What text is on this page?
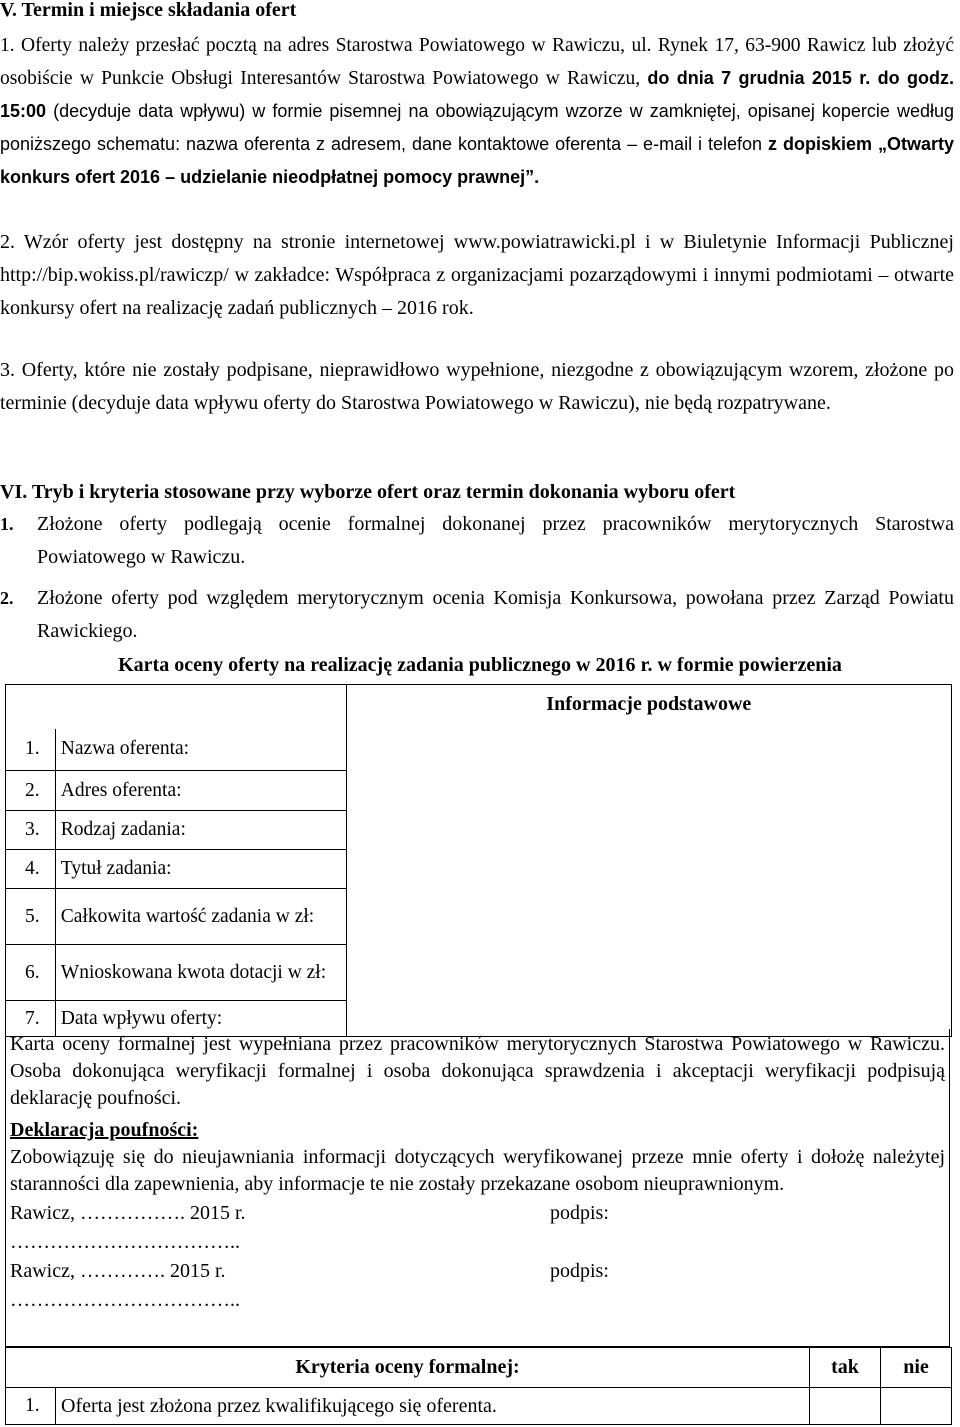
V. Termin i miejsce składania ofert

1. Oferty należy przesłać pocztą na adres Starostwa Powiatowego w Rawiczu, ul. Rynek 17, 63-900 Rawicz lub złożyć osobiście w Punkcie Obsługi Interesantów Starostwa Powiatowego w Rawiczu, do dnia 7 grudnia 2015 r. do godz. 15:00 (decyduje data wpływu) w formie pisemnej na obowiązującym wzorze w zamkniętej, opisanej kopercie według poniższego schematu: nazwa oferenta z adresem, dane kontaktowe oferenta – e-mail i telefon z dopiskiem „Otwarty konkurs ofert 2016 – udzielanie nieodpłatnej pomocy prawnej”.

2. Wzór oferty jest dostępny na stronie internetowej www.powiatrawicki.pl i w Biuletynie Informacji Publicznej http://bip.wokiss.pl/rawiczp/ w zakładce: Współpraca z organizacjami pozarządowymi i innymi podmiotami – otwarte konkursy ofert na realizację zadań publicznych – 2016 rok.

3. Oferty, które nie zostały podpisane, nieprawidłowo wypełnione, niezgodne z obowiązującym wzorem, złożone po terminie (decyduje data wpływu oferty do Starostwa Powiatowego w Rawiczu), nie będą rozpatrywane.

VI. Tryb i kryteria stosowane przy wyborze ofert oraz termin dokonania wyboru ofert
1.	Złożone oferty podlegają ocenie formalnej dokonanej przez pracowników merytorycznych Starostwa Powiatowego w Rawiczu.
2.	Złożone oferty pod względem merytorycznym ocenia Komisja Konkursowa, powołana przez Zarząd Powiatu Rawickiego.
Karta oceny oferty na realizację zadania publicznego w 2016 r. w formie powierzenia

		Informacje podstawowe

1.	Nazwa oferenta:	
2.	Adres oferenta:	
3.	Rodzaj zadania:	
4.	Tytuł zadania:	
5.	Całkowita wartość zadania w zł:	

6.	Wnioskowana kwota dotacji w zł:	

7.	Data wpływu oferty:	

Karta oceny formalnej jest wypełniana przez pracowników merytorycznych Starostwa Powiatowego w Rawiczu. Osoba dokonująca weryfikacji formalnej i osoba dokonująca sprawdzenia i akceptacji weryfikacji podpisują deklarację poufności.

Deklaracja poufności:

Zobowiązuję się do nieujawniania informacji dotyczących weryfikowanej przeze mnie oferty i dołożę należytej staranności dla zapewnienia, aby informacje te nie zostały przekazane osobom nieuprawnionym.

Rawicz, ……………. 2015 r.	podpis:
……………………………..
Rawicz, …………. 2015 r.	podpis:
……………………………..
Kryteria oceny formalnej:		tak	nie
1.	Oferta jest złożona przez kwalifikującego się oferenta.		
